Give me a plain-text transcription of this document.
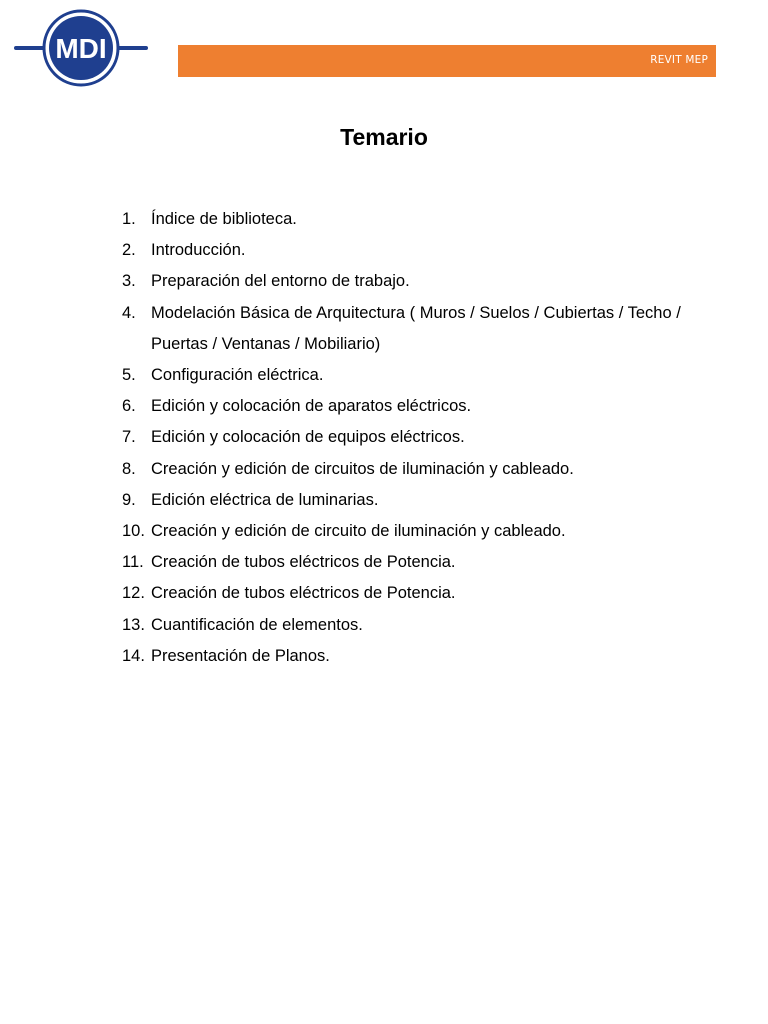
MDI	REVIT MEP
Temario
1. Índice de biblioteca.
2. Introducción.
3. Preparación del entorno de trabajo.
4. Modelación Básica de Arquitectura ( Muros / Suelos / Cubiertas / Techo / Puertas / Ventanas / Mobiliario)
5. Configuración eléctrica.
6. Edición y colocación de aparatos eléctricos.
7. Edición y colocación de equipos eléctricos.
8. Creación y edición de circuitos de iluminación y cableado.
9. Edición eléctrica de luminarias.
10. Creación y edición de circuito de iluminación y cableado.
11. Creación de tubos eléctricos de Potencia.
12. Creación de tubos eléctricos de Potencia.
13. Cuantificación de elementos.
14. Presentación de Planos.
